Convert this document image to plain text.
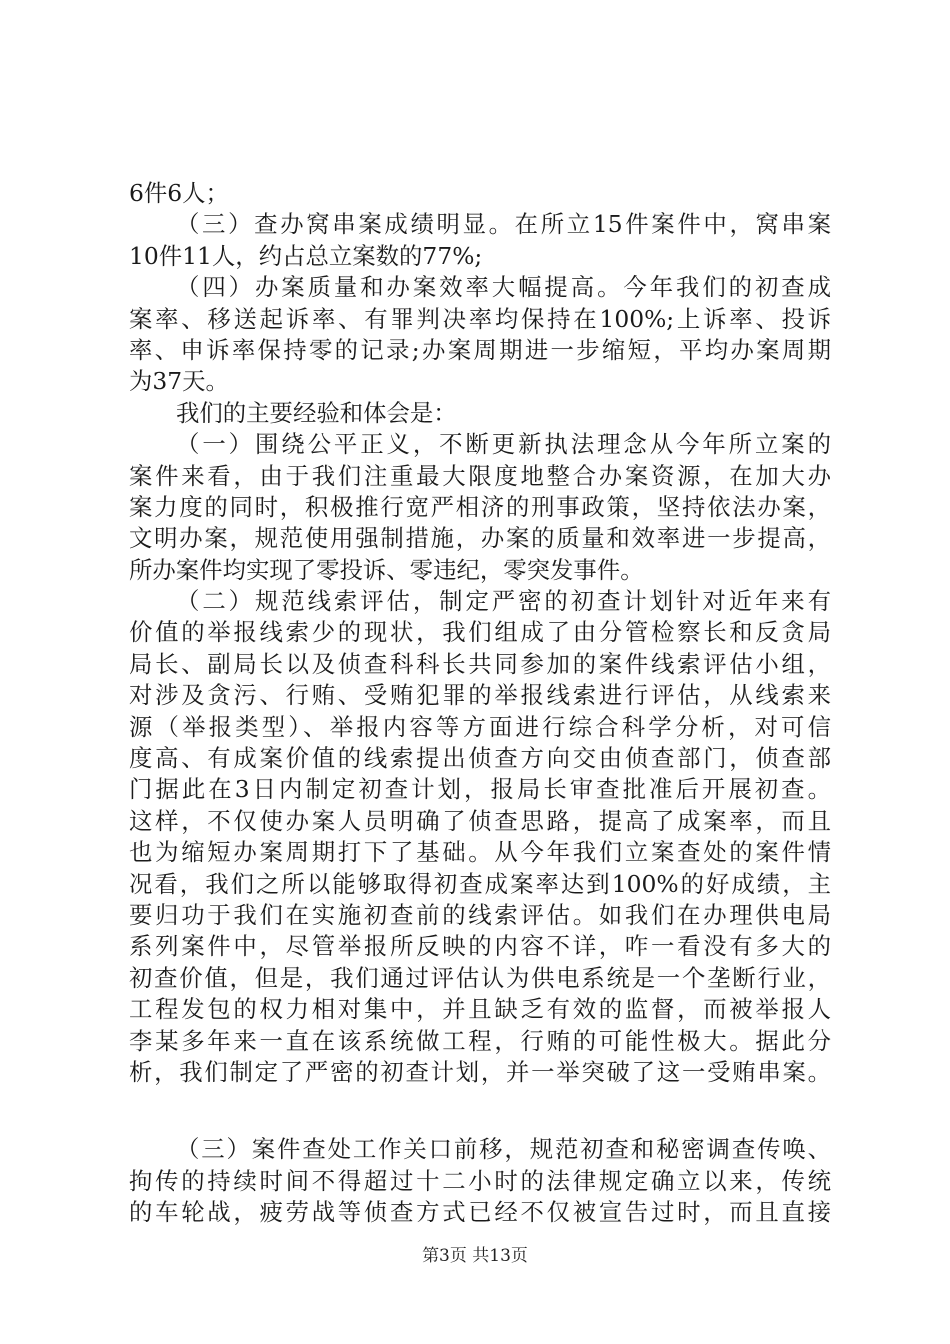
6件6人；
（三）查办窝串案成绩明显。在所立15件案件中，窝串案
10件11人，约占总立案数的77%;
（四）办案质量和办案效率大幅提高。今年我们的初查成
案率、移送起诉率、有罪判决率均保持在100%;上诉率、投诉
率、申诉率保持零的记录;办案周期进一步缩短，平均办案周期
为37天。
我们的主要经验和体会是：
（一）围绕公平正义，不断更新执法理念从今年所立案的
案件来看，由于我们注重最大限度地整合办案资源，在加大办
案力度的同时，积极推行宽严相济的刑事政策，坚持依法办案，
文明办案，规范使用强制措施，办案的质量和效率进一步提高，
所办案件均实现了零投诉、零违纪，零突发事件。
（二）规范线索评估，制定严密的初查计划针对近年来有
价值的举报线索少的现状，我们组成了由分管检察长和反贪局
局长、副局长以及侦查科科长共同参加的案件线索评估小组，
对涉及贪污、行贿、受贿犯罪的举报线索进行评估，从线索来
源（举报类型）、举报内容等方面进行综合科学分析，对可信
度高、有成案价值的线索提出侦查方向交由侦查部门，侦查部
门据此在3日内制定初查计划，报局长审查批准后开展初查。
这样，不仅使办案人员明确了侦查思路，提高了成案率，而且
也为缩短办案周期打下了基础。从今年我们立案查处的案件情
况看，我们之所以能够取得初查成案率达到100%的好成绩，主
要归功于我们在实施初查前的线索评估。如我们在办理供电局
系列案件中，尽管举报所反映的内容不详，咋一看没有多大的
初查价值，但是，我们通过评估认为供电系统是一个垄断行业，
工程发包的权力相对集中，并且缺乏有效的监督，而被举报人
李某多年来一直在该系统做工程，行贿的可能性极大。据此分
析，我们制定了严密的初查计划，并一举突破了这一受贿串案。
（三）案件查处工作关口前移，规范初查和秘密调查传唤、
拘传的持续时间不得超过十二小时的法律规定确立以来，传统
的车轮战，疲劳战等侦查方式已经不仅被宣告过时，而且直接
第3页 共13页
